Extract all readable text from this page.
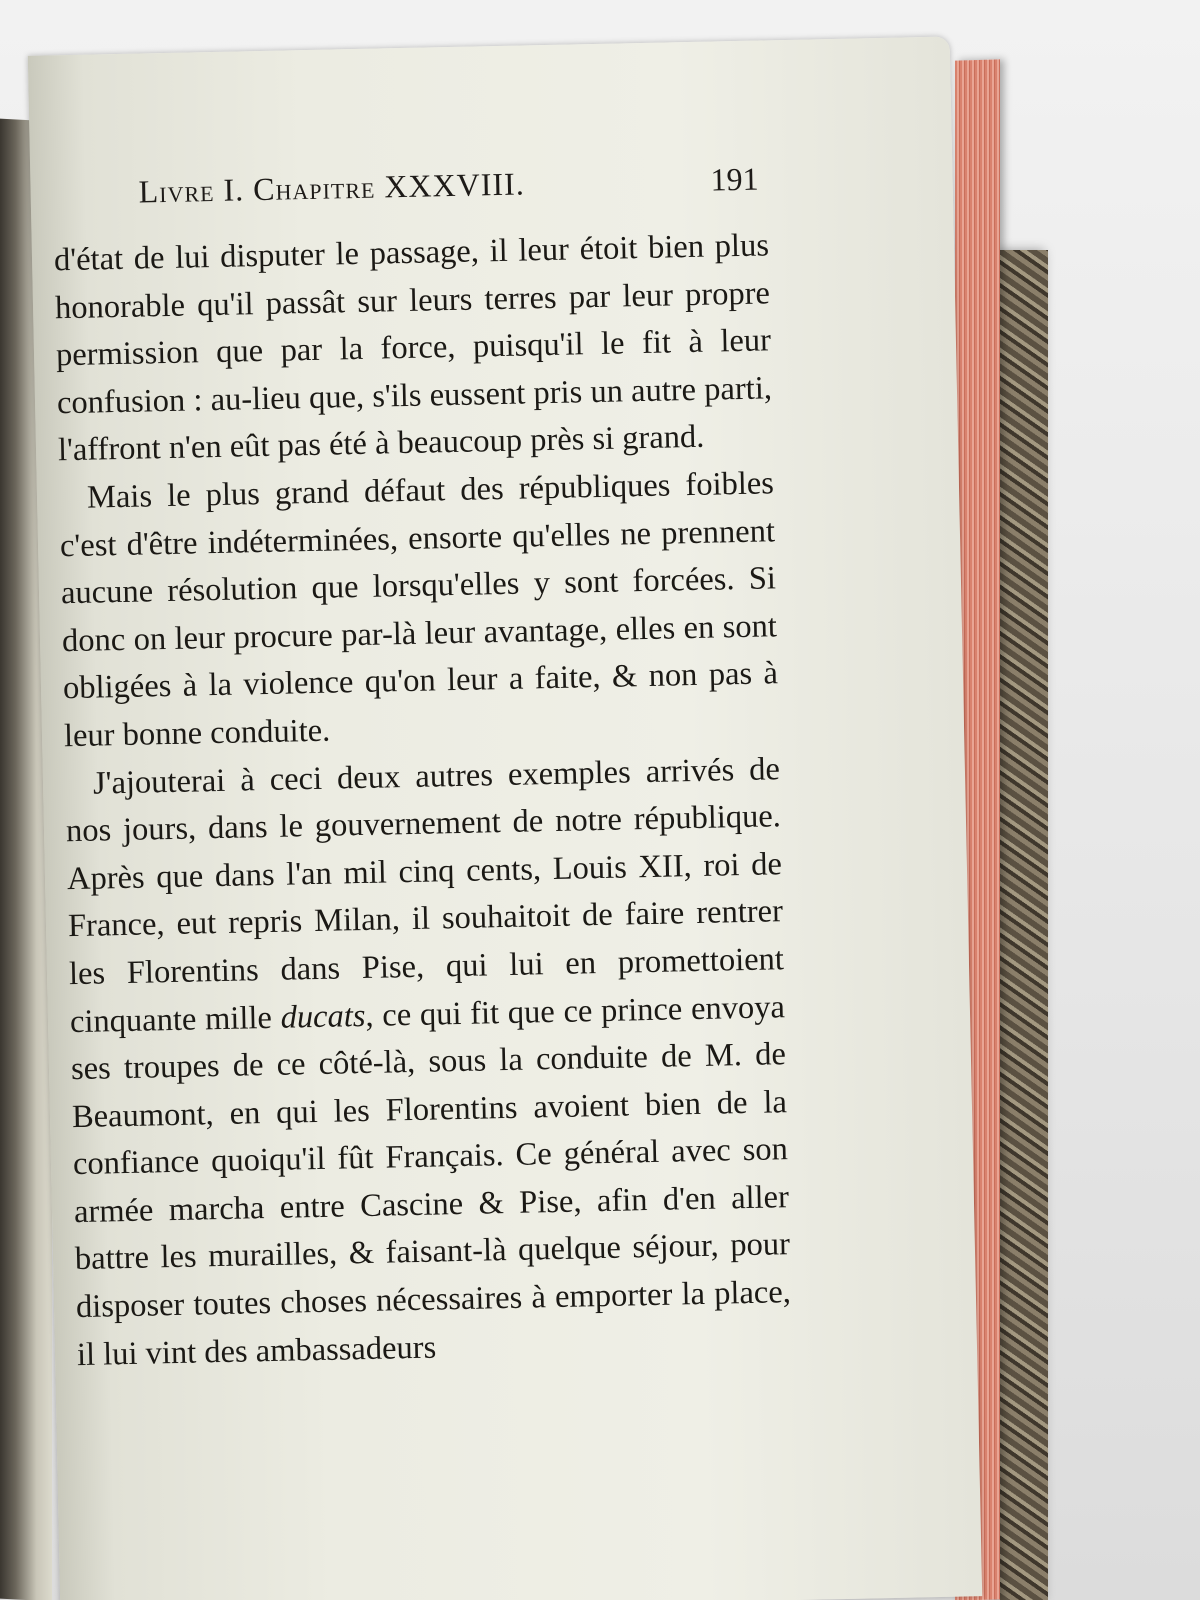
Livre I. Chapitre XXXVIII.	191

d'état de lui disputer le passage, il leur étoit bien plus honorable qu'il passât sur leurs terres par leur propre permission que par la force, puisqu'il le fit à leur confusion : au-lieu que, s'ils eussent pris un autre parti, l'affront n'en eût pas été à beaucoup près si grand.

Mais le plus grand défaut des républiques foibles c'est d'être indéterminées, ensorte qu'elles ne prennent aucune résolution que lorsqu'elles y sont forcées. Si donc on leur procure par-là leur avantage, elles en sont obligées à la violence qu'on leur a faite, & non pas à leur bonne conduite.

J'ajouterai à ceci deux autres exemples arrivés de nos jours, dans le gouvernement de notre république. Après que dans l'an mil cinq cents, Louis XII, roi de France, eut repris Milan, il souhaitoit de faire rentrer les Florentins dans Pise, qui lui en promettoient cinquante mille ducats, ce qui fit que ce prince envoya ses troupes de ce côté-là, sous la conduite de M. de Beaumont, en qui les Florentins avoient bien de la confiance quoiqu'il fût Français. Ce général avec son armée marcha entre Cascine & Pise, afin d'en aller battre les murailles, & faisant-là quelque séjour, pour disposer toutes choses nécessaires à emporter la place, il lui vint des ambassadeurs
